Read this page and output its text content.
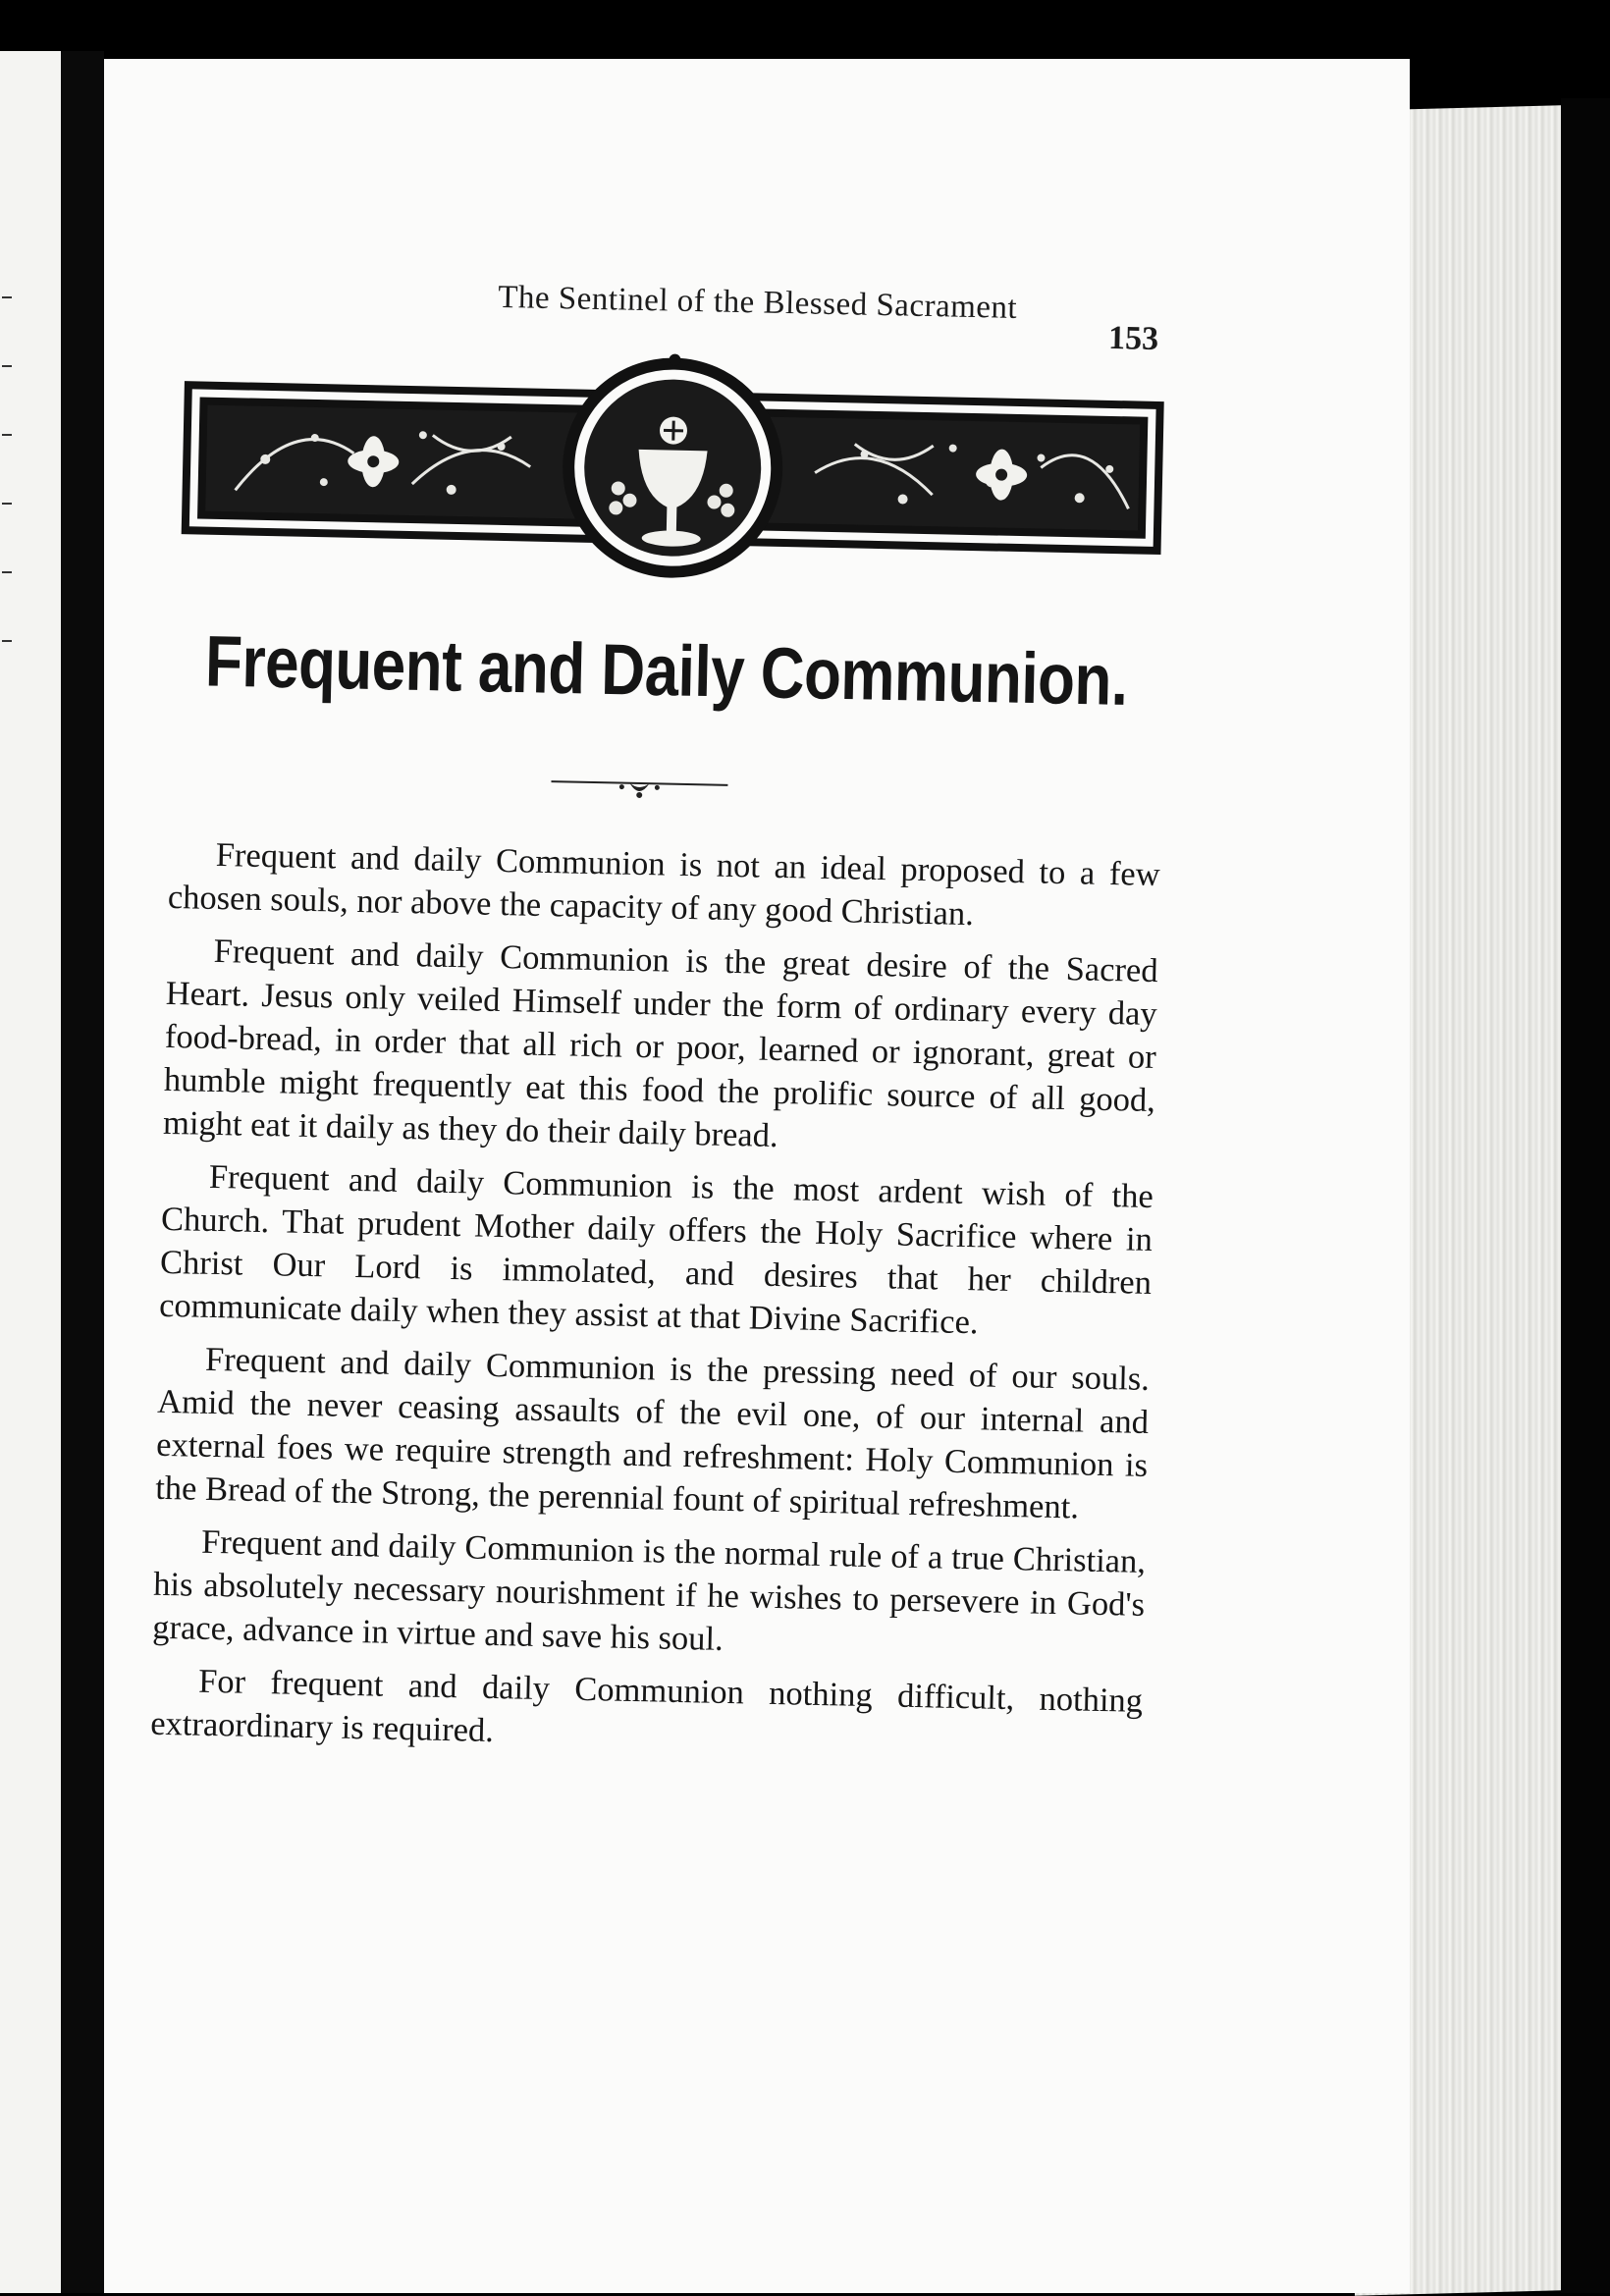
The Sentinel of the Blessed Sacrament
153
Frequent and Daily Communion.

Frequent and daily Communion is not an ideal proposed to a few chosen souls, nor above the capacity of any good Christian.

Frequent and daily Communion is the great desire of the Sacred Heart. Jesus only veiled Himself under the form of ordinary every day food-bread, in order that all rich or poor, learned or ignorant, great or humble might frequently eat this food the prolific source of all good, might eat it daily as they do their daily bread.

Frequent and daily Communion is the most ardent wish of the Church. That prudent Mother daily offers the Holy Sacrifice where in Christ Our Lord is immolated, and desires that her children communicate daily when they assist at that Divine Sacrifice.

Frequent and daily Communion is the pressing need of our souls. Amid the never ceasing assaults of the evil one, of our internal and external foes we require strength and refreshment: Holy Communion is the Bread of the Strong, the perennial fount of spiritual refreshment.

Frequent and daily Communion is the normal rule of a true Christian, his absolutely necessary nourishment if he wishes to persevere in God's grace, advance in virtue and save his soul.

For frequent and daily Communion nothing difficult, nothing extraordinary is required.
